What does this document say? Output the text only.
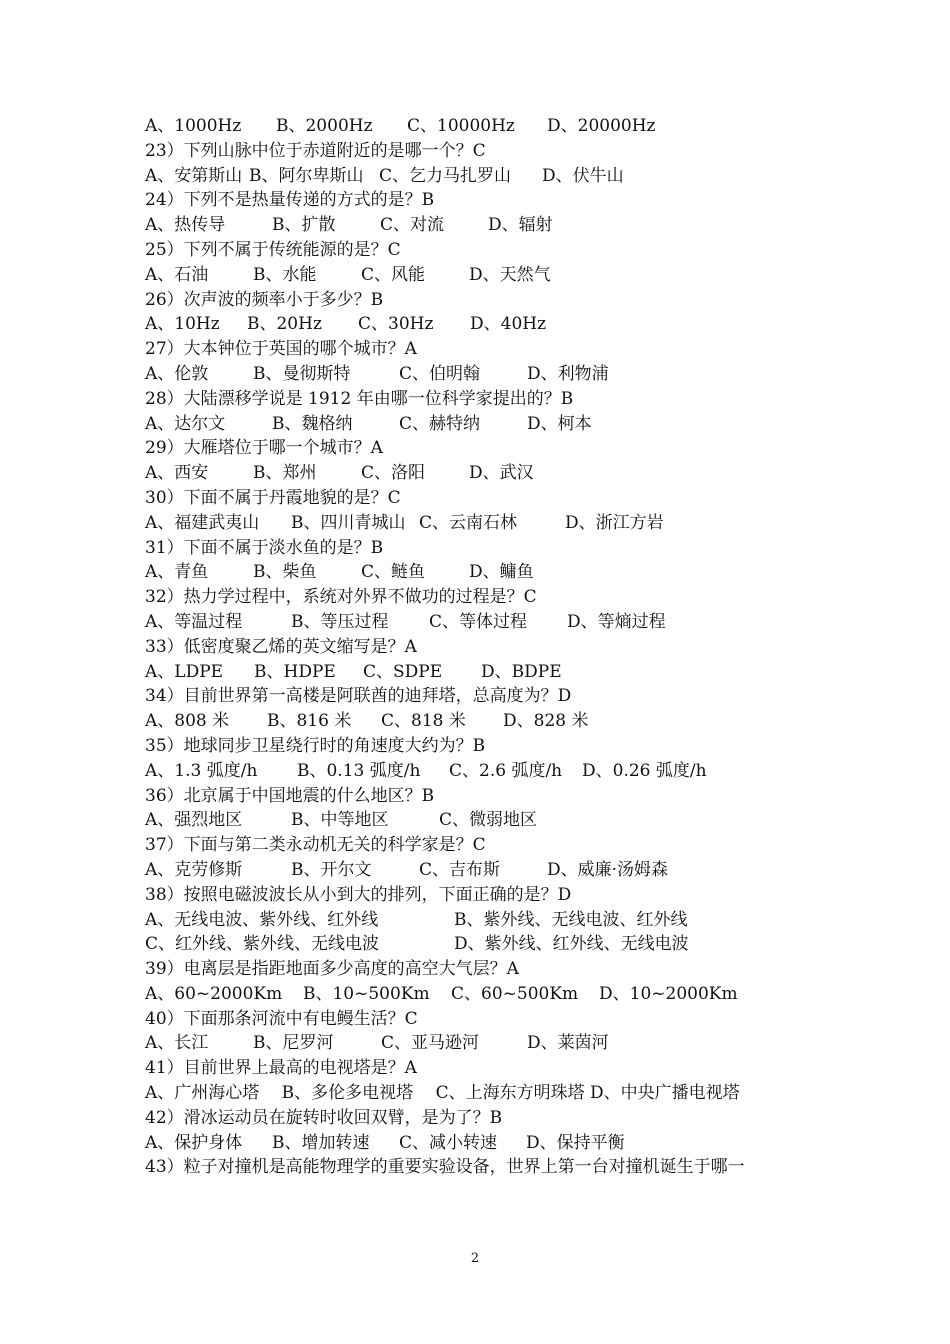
A、1000Hz	B、2000Hz	C、10000Hz	D、20000Hz
23）下列山脉中位于赤道附近的是哪一个？C
A、安第斯山 B、阿尔卑斯山 C、乞力马扎罗山	D、伏牛山
24）下列不是热量传递的方式的是？B
A、热传导	B、扩散	C、对流	D、辐射
25）下列不属于传统能源的是？C
A、石油	B、水能	C、风能	D、天然气
26）次声波的频率小于多少？B
A、10Hz	B、20Hz	C、30Hz	D、40Hz
27）大本钟位于英国的哪个城市？A
A、伦敦	B、曼彻斯特	C、伯明翰	D、利物浦
28）大陆漂移学说是 1912 年由哪一位科学家提出的？B
A、达尔文	B、魏格纳	C、赫特纳	D、柯本
29）大雁塔位于哪一个城市？A
A、西安	B、郑州	C、洛阳	D、武汉
30）下面不属于丹霞地貌的是？C
A、福建武夷山	B、四川青城山 C、云南石林	D、浙江方岩
31）下面不属于淡水鱼的是？B
A、青鱼	B、柴鱼	C、鲢鱼	D、鳙鱼
32）热力学过程中，系统对外界不做功的过程是？C
A、等温过程	B、等压过程	C、等体过程	D、等熵过程
33）低密度聚乙烯的英文缩写是？A
A、LDPE	B、HDPE	C、SDPE	D、BDPE
34）目前世界第一高楼是阿联酋的迪拜塔，总高度为？D
A、808 米	B、816 米	C、818 米	D、828 米
35）地球同步卫星绕行时的角速度大约为？B
A、1.3 弧度/h	B、0.13 弧度/h	C、2.6 弧度/h	D、0.26 弧度/h
36）北京属于中国地震的什么地区？B
A、强烈地区	B、中等地区	C、微弱地区
37）下面与第二类永动机无关的科学家是？C
A、克劳修斯	B、开尔文	C、吉布斯	D、威廉·汤姆森
38）按照电磁波波长从小到大的排列，下面正确的是？D
A、无线电波、紫外线、红外线	B、紫外线、无线电波、红外线
C、红外线、紫外线、无线电波	D、紫外线、红外线、无线电波
39）电离层是指距地面多少高度的高空大气层？A
A、60~2000Km	B、10~500Km	C、60~500Km	D、10~2000Km
40）下面那条河流中有电鳗生活？C
A、长江	B、尼罗河	C、亚马逊河	D、莱茵河
41）目前世界上最高的电视塔是？A
A、广州海心塔　 B、多伦多电视塔　 C、上海东方明珠塔 D、中央广播电视塔
42）滑冰运动员在旋转时收回双臂，是为了？B
A、保护身体	B、增加转速	C、减小转速	D、保持平衡
43）粒子对撞机是高能物理学的重要实验设备，世界上第一台对撞机诞生于哪一
2
